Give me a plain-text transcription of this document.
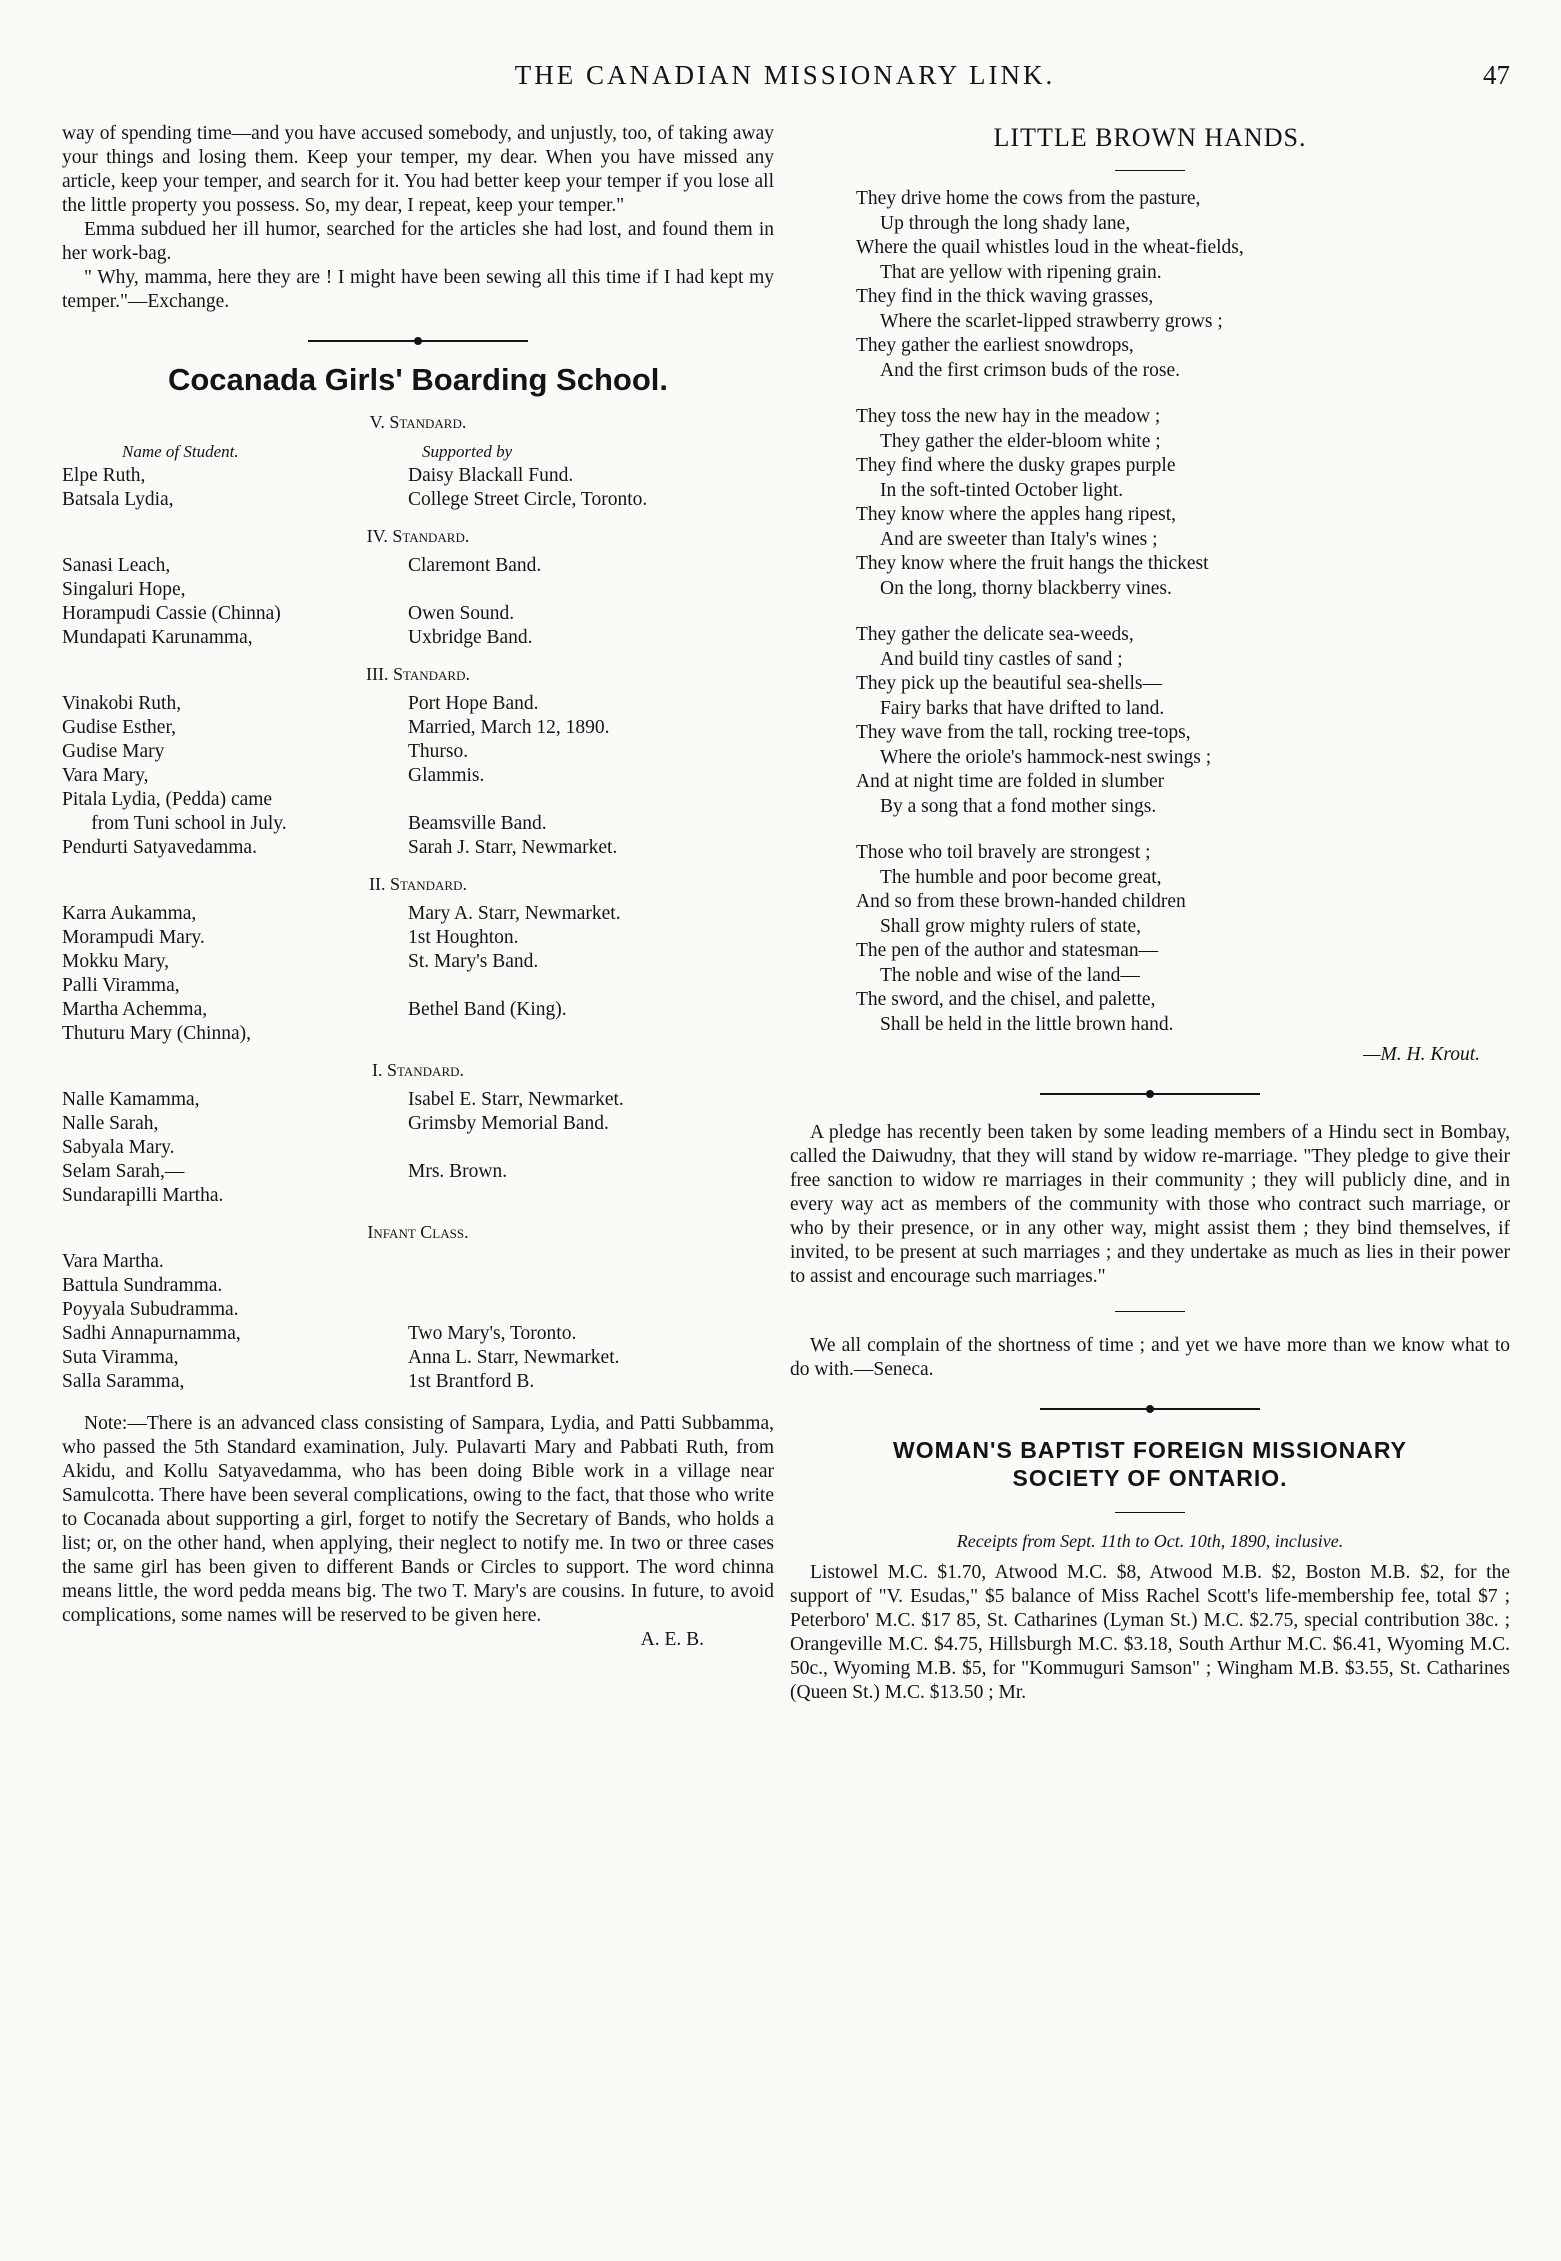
THE CANADIAN MISSIONARY LINK.	47

way of spending time—and you have accused somebody, and unjustly, too, of taking away your things and losing them. Keep your temper, my dear. When you have missed any article, keep your temper, and search for it. You had better keep your temper if you lose all the little property you possess. So, my dear, I repeat, keep your temper."

Emma subdued her ill humor, searched for the articles she had lost, and found them in her work-bag.

" Why, mamma, here they are ! I might have been sewing all this time if I had kept my temper."—Exchange.

Cocanada Girls' Boarding School.
V. Standard.
Name of Student.	Supported by
Elpe Ruth,	Daisy Blackall Fund.
Batsala Lydia,	College Street Circle, Toronto.
IV. Standard.
Sanasi Leach,	Claremont Band.
Singaluri Hope,
Horampudi Cassie (Chinna)	Owen Sound.
Mundapati Karunamma,	Uxbridge Band.
III. Standard.
Vinakobi Ruth,	Port Hope Band.
Gudise Esther,	Married, March 12, 1890.
Gudise Mary	Thurso.
Vara Mary,	Glammis.
Pitala Lydia, (Pedda) came
from Tuni school in July.	Beamsville Band.
Pendurti Satyavedamma.	Sarah J. Starr, Newmarket.
II. Standard.
Karra Aukamma,	Mary A. Starr, Newmarket.
Morampudi Mary.	1st Houghton.
Mokku Mary,	St. Mary's Band.
Palli Viramma,
Martha Achemma,	Bethel Band (King).
Thuturu Mary (Chinna),
I. Standard.
Nalle Kamamma,	Isabel E. Starr, Newmarket.
Nalle Sarah,	Grimsby Memorial Band.
Sabyala Mary.
Selam Sarah,—	Mrs. Brown.
Sundarapilli Martha.
Infant Class.
Vara Martha.
Battula Sundramma.
Poyyala Subudramma.
Sadhi Annapurnamma,	Two Mary's, Toronto.
Suta Viramma,	Anna L. Starr, Newmarket.
Salla Saramma,	1st Brantford B.

Note:—There is an advanced class consisting of Sampara, Lydia, and Patti Subbamma, who passed the 5th Standard examination, July. Pulavarti Mary and Pabbati Ruth, from Akidu, and Kollu Satyavedamma, who has been doing Bible work in a village near Samulcotta. There have been several complications, owing to the fact, that those who write to Cocanada about supporting a girl, forget to notify the Secretary of Bands, who holds a list; or, on the other hand, when applying, their neglect to notify me. In two or three cases the same girl has been given to different Bands or Circles to support. The word chinna means little, the word pedda means big. The two T. Mary's are cousins. In future, to avoid complications, some names will be reserved to be given here.

A. E. B.
LITTLE BROWN HANDS.
They drive home the cows from the pasture,
Up through the long shady lane,
Where the quail whistles loud in the wheat-fields,
That are yellow with ripening grain.
They find in the thick waving grasses,
Where the scarlet-lipped strawberry grows ;
They gather the earliest snowdrops,
And the first crimson buds of the rose.
They toss the new hay in the meadow ;
They gather the elder-bloom white ;
They find where the dusky grapes purple
In the soft-tinted October light.
They know where the apples hang ripest,
And are sweeter than Italy's wines ;
They know where the fruit hangs the thickest
On the long, thorny blackberry vines.
They gather the delicate sea-weeds,
And build tiny castles of sand ;
They pick up the beautiful sea-shells—
Fairy barks that have drifted to land.
They wave from the tall, rocking tree-tops,
Where the oriole's hammock-nest swings ;
And at night time are folded in slumber
By a song that a fond mother sings.
Those who toil bravely are strongest ;
The humble and poor become great,
And so from these brown-handed children
Shall grow mighty rulers of state,
The pen of the author and statesman—
The noble and wise of the land—
The sword, and the chisel, and palette,
Shall be held in the little brown hand.
—M. H. Krout.

A pledge has recently been taken by some leading members of a Hindu sect in Bombay, called the Daiwudny, that they will stand by widow re-marriage. "They pledge to give their free sanction to widow re marriages in their community ; they will publicly dine, and in every way act as members of the community with those who contract such marriage, or who by their presence, or in any other way, might assist them ; they bind themselves, if invited, to be present at such marriages ; and they undertake as much as lies in their power to assist and encourage such marriages."

We all complain of the shortness of time ; and yet we have more than we know what to do with.—Seneca.

WOMAN'S BAPTIST FOREIGN MISSIONARY
SOCIETY OF ONTARIO.
Receipts from Sept. 11th to Oct. 10th, 1890, inclusive.

Listowel M.C. $1.70, Atwood M.C. $8, Atwood M.B. $2, Boston M.B. $2, for the support of "V. Esudas," $5 balance of Miss Rachel Scott's life-membership fee, total $7 ; Peterboro' M.C. $17 85, St. Catharines (Lyman St.) M.C. $2.75, special contribution 38c. ; Orangeville M.C. $4.75, Hillsburgh M.C. $3.18, South Arthur M.C. $6.41, Wyoming M.C. 50c., Wyoming M.B. $5, for "Kommuguri Samson" ; Wingham M.B. $3.55, St. Catharines (Queen St.) M.C. $13.50 ; Mr.
